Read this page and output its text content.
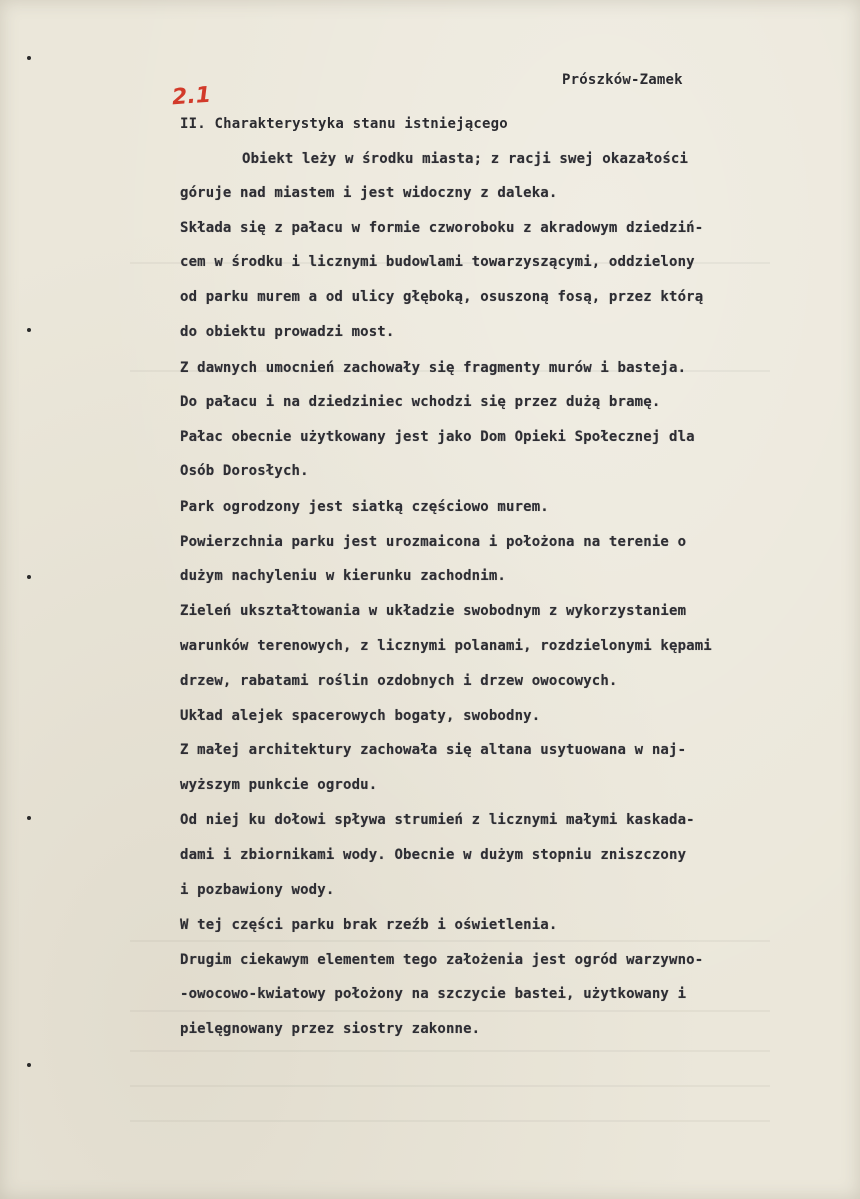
Prószków-Zamek
2.1
II. Charakterystyka stanu istniejącego
Obiekt leży w środku miasta; z racji swej okazałości
góruje nad miastem i jest widoczny z daleka.
Składa się z pałacu w formie czworoboku z akradowym dziedziń-
cem w środku i licznymi budowlami towarzyszącymi, oddzielony
od parku murem a od ulicy głęboką, osuszoną fosą, przez którą
do obiektu prowadzi most.
Z dawnych umocnień zachowały się fragmenty murów i basteja.
Do pałacu i na dziedziniec wchodzi się przez dużą bramę.
Pałac obecnie użytkowany jest jako Dom Opieki Społecznej dla
Osób Dorosłych.
Park ogrodzony jest siatką częściowo murem.
Powierzchnia parku jest urozmaicona i położona na terenie o
dużym nachyleniu w kierunku zachodnim.
Zieleń ukształtowania w układzie swobodnym z wykorzystaniem
warunków terenowych, z licznymi polanami, rozdzielonymi kępami
drzew, rabatami roślin ozdobnych i drzew owocowych.
Układ alejek spacerowych bogaty, swobodny.
Z małej architektury zachowała się altana usytuowana w naj-
wyższym punkcie ogrodu.
Od niej ku dołowi spływa strumień z licznymi małymi kaskada-
dami i zbiornikami wody. Obecnie w dużym stopniu zniszczony
i pozbawiony wody.
W tej części parku brak rzeźb i oświetlenia.
Drugim ciekawym elementem tego założenia jest ogród warzywno-
-owocowo-kwiatowy położony na szczycie bastei, użytkowany i
pielęgnowany przez siostry zakonne.
